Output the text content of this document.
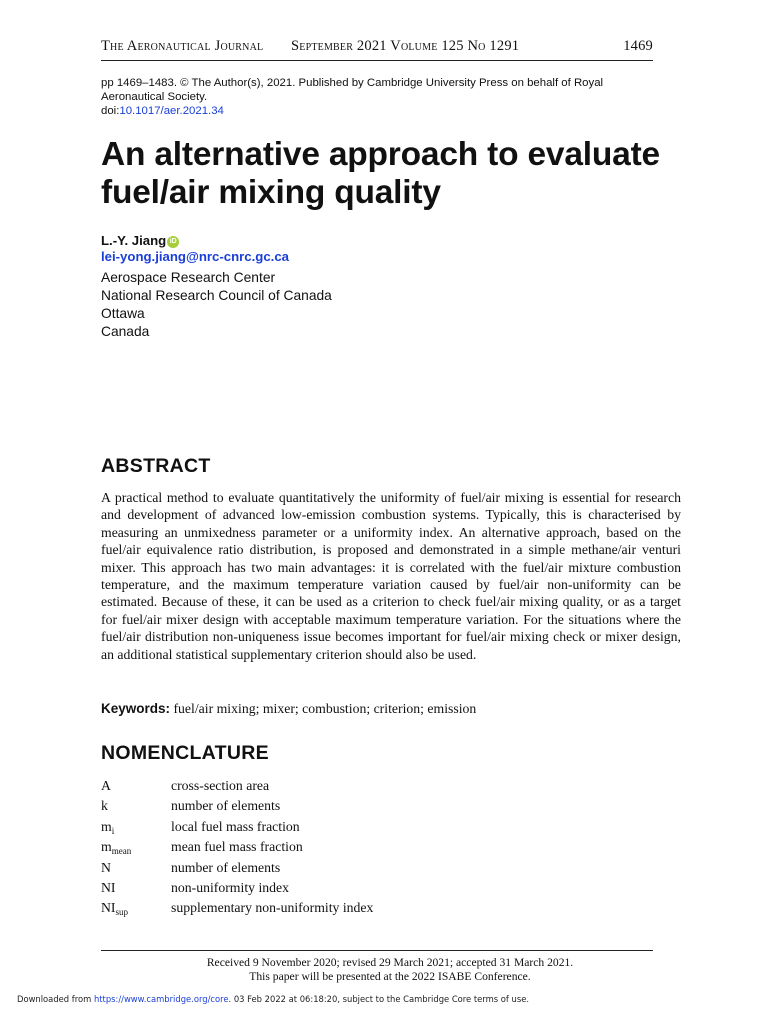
The Aeronautical Journal September 2021 Volume 125 No 1291	1469
pp 1469–1483. © The Author(s), 2021. Published by Cambridge University Press on behalf of Royal Aeronautical Society.
doi:10.1017/aer.2021.34
An alternative approach to evaluate fuel/air mixing quality
L.-Y. Jiang iD
lei-yong.jiang@nrc-cnrc.gc.ca
Aerospace Research Center
National Research Council of Canada
Ottawa
Canada
ABSTRACT

A practical method to evaluate quantitatively the uniformity of fuel/air mixing is essential for research and development of advanced low-emission combustion systems. Typically, this is characterised by measuring an unmixedness parameter or a uniformity index. An alternative approach, based on the fuel/air equivalence ratio distribution, is proposed and demonstrated in a simple methane/air venturi mixer. This approach has two main advantages: it is correlated with the fuel/air mixture combustion temperature, and the maximum temperature variation caused by fuel/air non-uniformity can be estimated. Because of these, it can be used as a criterion to check fuel/air mixing quality, or as a target for fuel/air mixer design with acceptable maximum temperature variation. For the situations where the fuel/air distribution non-uniqueness issue becomes important for fuel/air mixing check or mixer design, an additional statistical supplementary criterion should also be used.

Keywords: fuel/air mixing; mixer; combustion; criterion; emission
NOMENCLATURE
A	cross-section area
k	number of elements
$m_i$	local fuel mass fraction
$m_{mean}$	mean fuel mass fraction
N	number of elements
NI	non-uniformity index
$NI_{sup}$	supplementary non-uniformity index
Received 9 November 2020; revised 29 March 2021; accepted 31 March 2021.
This paper will be presented at the 2022 ISABE Conference.
Downloaded from https://www.cambridge.org/core. 03 Feb 2022 at 06:18:20, subject to the Cambridge Core terms of use.
